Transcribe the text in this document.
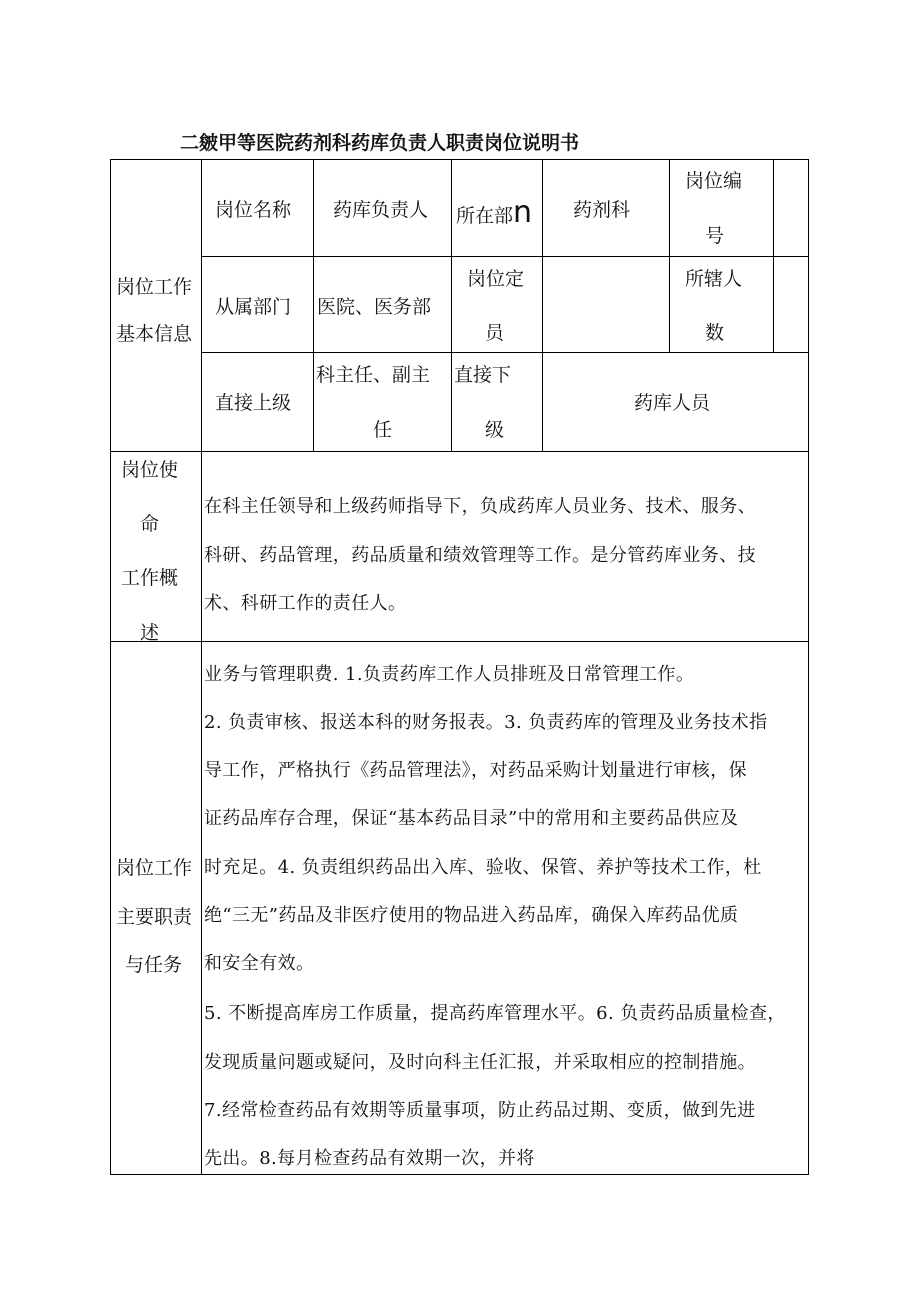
二皴甲等医院药剂科药库负责人职责岗位说明书
岗位工作
基本信息
岗位名称 药库负责人 所在部n 药剂科
岗位编
号
从属部门 医院、医务部
岗位定
员
所辖人
数
直接上级
科主任、副主
任
直接下
级
药库人员
岗位使
命
工作概
述
在科主任领导和上级药师指导下，负成药库人员业务、技术、服务、
科研、药品管理，药品质量和绩效管理等工作。是分管药库业务、技
术、科研工作的责任人。
岗位工作
主要职责
与任务
业务与管理职费. 1.负责药库工作人员排班及日常管理工作。
2. 负责审核、报送本科的财务报表。3. 负责药库的管理及业务技术指
导工作，严格执行《药品管理法》，对药品采购计划量进行审核，保
证药品库存合理，保证“基本药品目录”中的常用和主要药品供应及
时充足。4. 负责组织药品出入库、验收、保管、养护等技术工作，杜
绝“三无”药品及非医疗使用的物品进入药品库，确保入库药品优质
和安全有效。
5. 不断提高库房工作质量，提高药库管理水平。6. 负责药品质量检查，
发现质量问题或疑问，及时向科主任汇报，并采取相应的控制措施。
7.经常检查药品有效期等质量事项，防止药品过期、变质，做到先进
先出。8.每月检查药品有效期一次，并将
